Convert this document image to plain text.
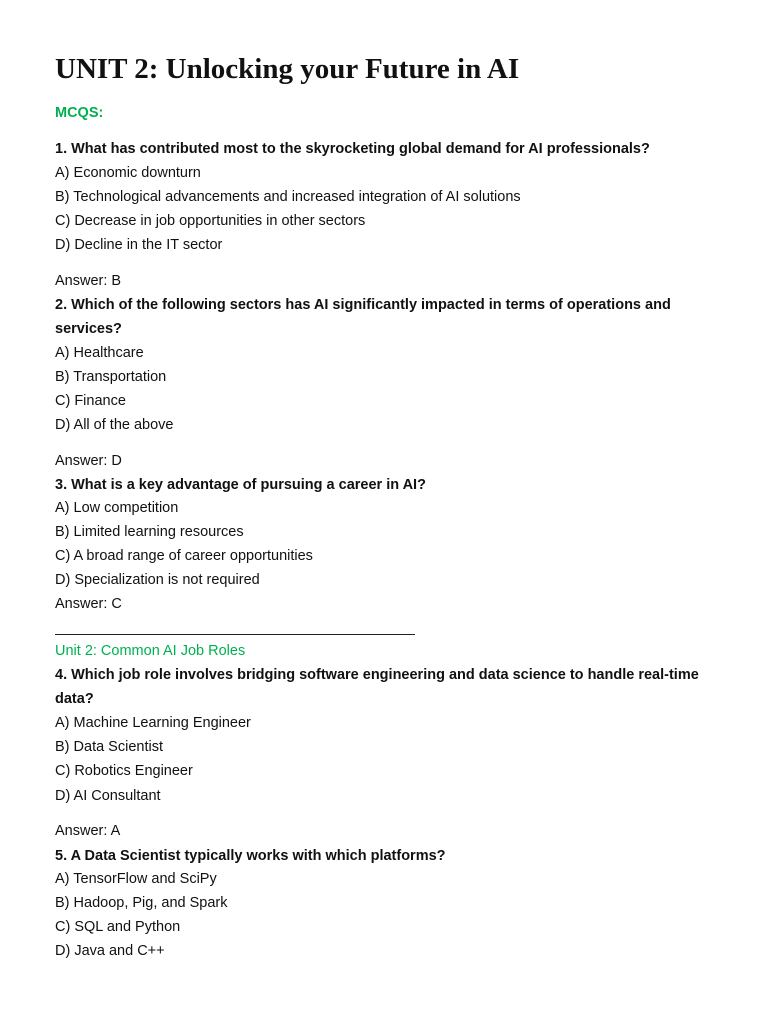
UNIT 2: Unlocking your Future in AI
MCQS:
1. What has contributed most to the skyrocketing global demand for AI professionals?
A) Economic downturn
B) Technological advancements and increased integration of AI solutions
C) Decrease in job opportunities in other sectors
D) Decline in the IT sector
Answer: B
2. Which of the following sectors has AI significantly impacted in terms of operations and services?
A) Healthcare
B) Transportation
C) Finance
D) All of the above
Answer: D
3. What is a key advantage of pursuing a career in AI?
A) Low competition
B) Limited learning resources
C) A broad range of career opportunities
D) Specialization is not required
Answer: C
Unit 2: Common AI Job Roles
4. Which job role involves bridging software engineering and data science to handle real-time data?
A) Machine Learning Engineer
B) Data Scientist
C) Robotics Engineer
D) AI Consultant
Answer: A
5. A Data Scientist typically works with which platforms?
A) TensorFlow and SciPy
B) Hadoop, Pig, and Spark
C) SQL and Python
D) Java and C++
